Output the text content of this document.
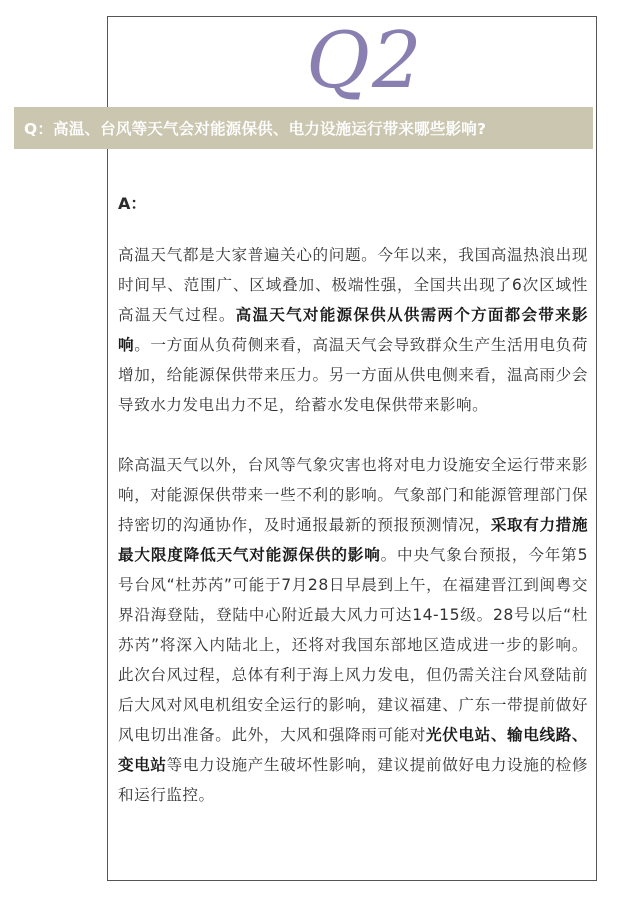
Q2
Q：高温、台风等天气会对能源保供、电力设施运行带来哪些影响?
A：

高温天气都是大家普遍关心的问题。今年以来，我国高温热浪出现时间早、范围广、区域叠加、极端性强，全国共出现了6次区域性高温天气过程。高温天气对能源保供从供需两个方面都会带来影响。一方面从负荷侧来看，高温天气会导致群众生产生活用电负荷增加，给能源保供带来压力。另一方面从供电侧来看，温高雨少会导致水力发电出力不足，给蓄水发电保供带来影响。

除高温天气以外，台风等气象灾害也将对电力设施安全运行带来影响，对能源保供带来一些不利的影响。气象部门和能源管理部门保持密切的沟通协作，及时通报最新的预报预测情况，采取有力措施最大限度降低天气对能源保供的影响。中央气象台预报，今年第5号台风“杜苏芮”可能于7月28日早晨到上午，在福建晋江到闽粤交界沿海登陆，登陆中心附近最大风力可达14-15级。28号以后“杜苏芮”将深入内陆北上，还将对我国东部地区造成进一步的影响。此次台风过程，总体有利于海上风力发电，但仍需关注台风登陆前后大风对风电机组安全运行的影响，建议福建、广东一带提前做好风电切出准备。此外，大风和强降雨可能对光伏电站、输电线路、变电站等电力设施产生破坏性影响，建议提前做好电力设施的检修和运行监控。
